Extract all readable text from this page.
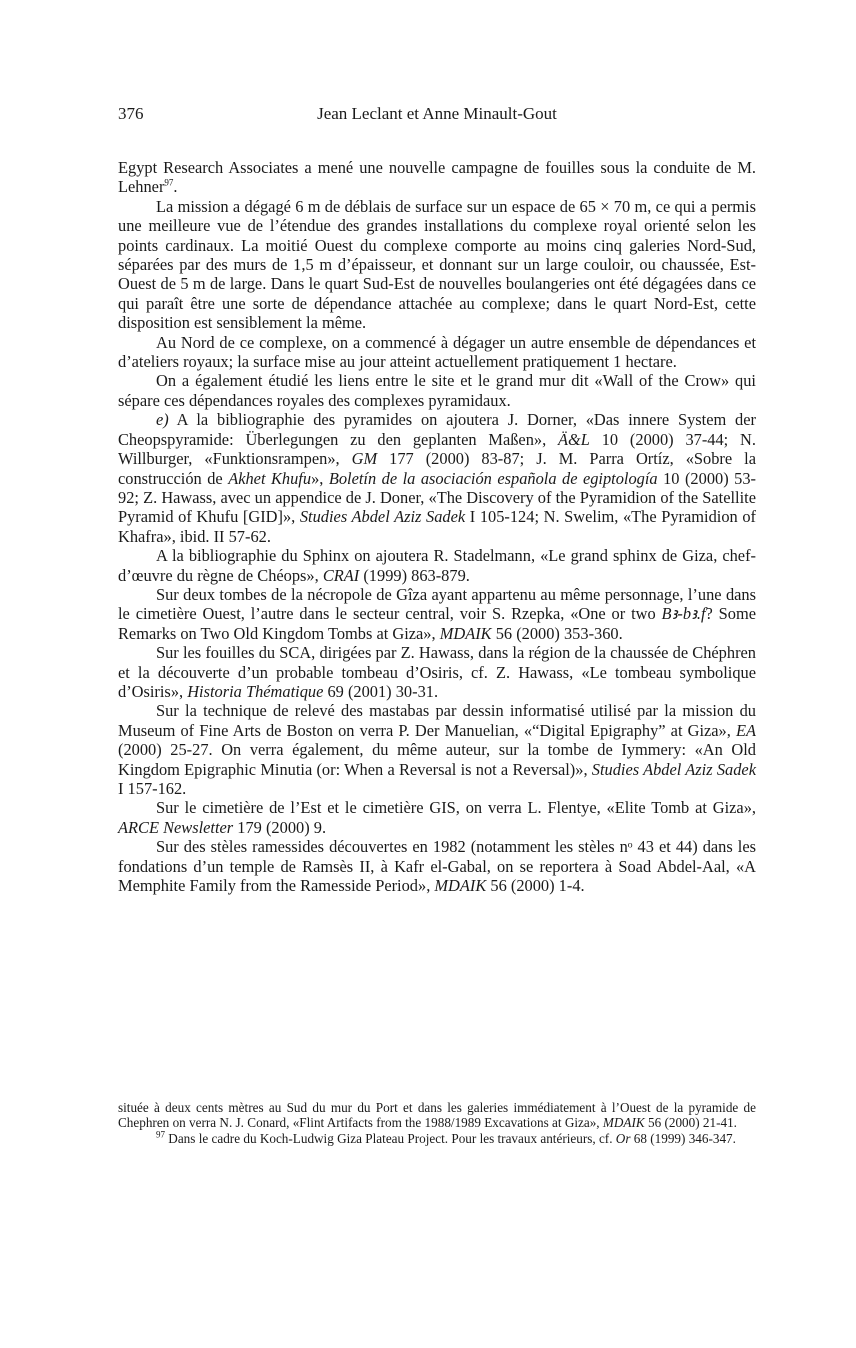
376	Jean Leclant et Anne Minault-Gout

Egypt Research Associates a mené une nouvelle campagne de fouilles sous la conduite de M. Lehner$^{97}$.

La mission a dégagé 6 m de déblais de surface sur un espace de 65 × 70 m, ce qui a permis une meilleure vue de l’étendue des grandes installations du complexe royal orienté selon les points cardinaux. La moitié Ouest du complexe comporte au moins cinq galeries Nord-Sud, séparées par des murs de 1,5 m d’épaisseur, et donnant sur un large couloir, ou chaussée, Est-Ouest de 5 m de large. Dans le quart Sud-Est de nouvelles boulangeries ont été dégagées dans ce qui paraît être une sorte de dépendance attachée au complexe; dans le quart Nord-Est, cette disposition est sensiblement la même.

Au Nord de ce complexe, on a commencé à dégager un autre ensemble de dépendances et d’ateliers royaux; la surface mise au jour atteint actuellement pratiquement 1 hectare.

On a également étudié les liens entre le site et le grand mur dit «Wall of the Crow» qui sépare ces dépendances royales des complexes pyramidaux.

e) A la bibliographie des pyramides on ajoutera J. Dorner, «Das innere System der Cheopspyramide: Überlegungen zu den geplanten Maßen», Ä&L 10 (2000) 37-44; N. Willburger, «Funktionsrampen», GM 177 (2000) 83-87; J. M. Parra Ortíz, «Sobre la construcción de Akhet Khufu», Boletín de la asociación española de egiptología 10 (2000) 53-92; Z. Hawass, avec un appendice de J. Doner, «The Discovery of the Pyramidion of the Satellite Pyramid of Khufu [GID]», Studies Abdel Aziz Sadek I 105-124; N. Swelim, «The Pyramidion of Khafra», ibid. II 57-62.

A la bibliographie du Sphinx on ajoutera R. Stadelmann, «Le grand sphinx de Giza, chef-d’œuvre du règne de Chéops», CRAI (1999) 863-879.

Sur deux tombes de la nécropole de Gîza ayant appartenu au même personnage, l’une dans le cimetière Ouest, l’autre dans le secteur central, voir S. Rzepka, «One or two Bꜣ-bꜣ.f? Some Remarks on Two Old Kingdom Tombs at Giza», MDAIK 56 (2000) 353-360.

Sur les fouilles du SCA, dirigées par Z. Hawass, dans la région de la chaussée de Chéphren et la découverte d’un probable tombeau d’Osiris, cf. Z. Hawass, «Le tombeau symbolique d’Osiris», Historia Thématique 69 (2001) 30-31.

Sur la technique de relevé des mastabas par dessin informatisé utilisé par la mission du Museum of Fine Arts de Boston on verra P. Der Manuelian, «“Digital Epigraphy” at Giza», EA (2000) 25-27. On verra également, du même auteur, sur la tombe de Iymmery: «An Old Kingdom Epigraphic Minutia (or: When a Reversal is not a Reversal)», Studies Abdel Aziz Sadek I 157-162.

Sur le cimetière de l’Est et le cimetière GIS, on verra L. Flentye, «Elite Tomb at Giza», ARCE Newsletter 179 (2000) 9.

Sur des stèles ramessides découvertes en 1982 (notamment les stèles nᵒ 43 et 44) dans les fondations d’un temple de Ramsès II, à Kafr el-Gabal, on se reportera à Soad Abdel-Aal, «A Memphite Family from the Ramesside Period», MDAIK 56 (2000) 1-4.

située à deux cents mètres au Sud du mur du Port et dans les galeries immédiatement à l’Ouest de la pyramide de Chephren on verra N. J. Conard, «Flint Artifacts from the 1988/1989 Excavations at Giza», MDAIK 56 (2000) 21-41.

$^{97}$ Dans le cadre du Koch-Ludwig Giza Plateau Project. Pour les travaux antérieurs, cf. Or 68 (1999) 346-347.
